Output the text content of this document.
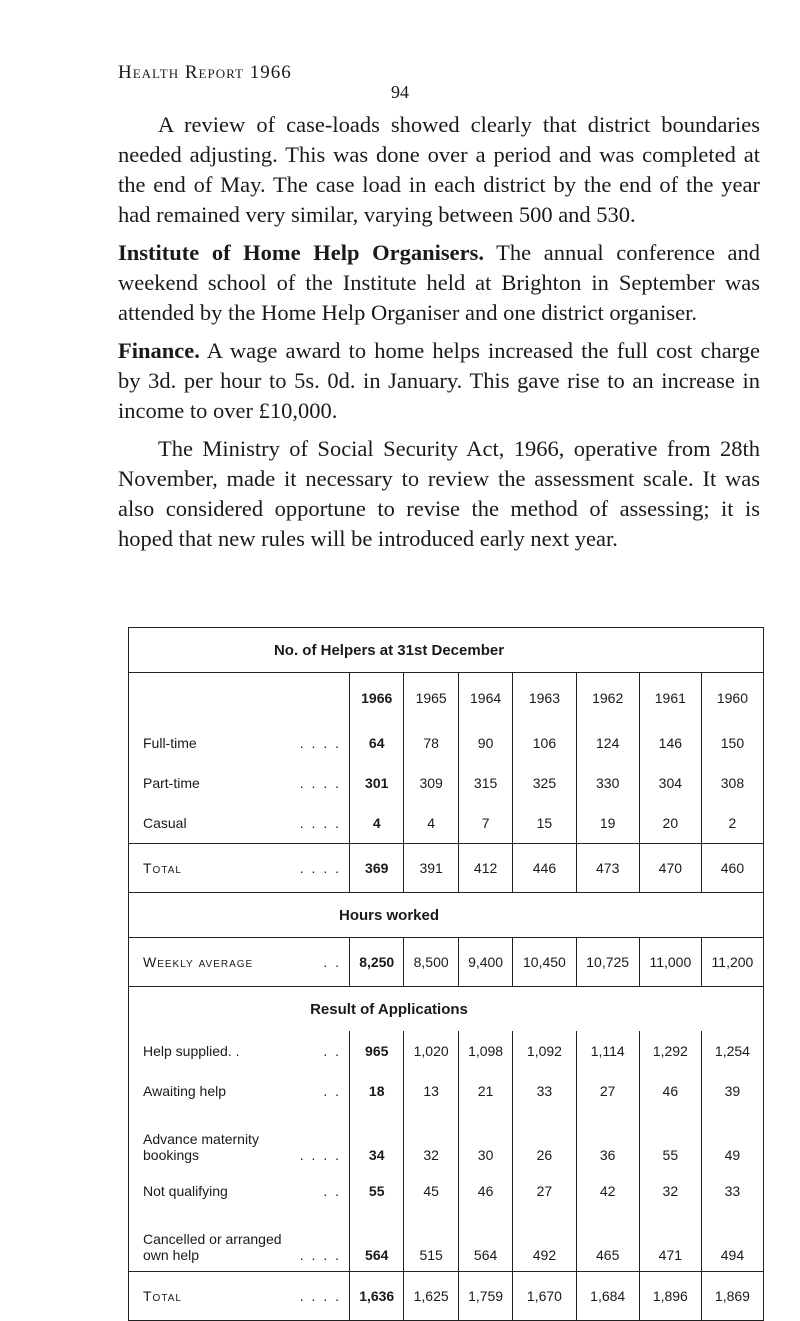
Health Report 1966
94

A review of case-loads showed clearly that district boundaries needed adjusting. This was done over a period and was completed at the end of May. The case load in each district by the end of the year had remained very similar, varying between 500 and 530.

Institute of Home Help Organisers. The annual conference and weekend school of the Institute held at Brighton in September was attended by the Home Help Organiser and one district organiser.

Finance. A wage award to home helps increased the full cost charge by 3d. per hour to 5s. 0d. in January. This gave rise to an increase in income to over £10,000.

The Ministry of Social Security Act, 1966, operative from 28th November, made it necessary to review the assessment scale. It was also considered opportune to revise the method of assessing; it is hoped that new rules will be introduced early next year.

No. of Helpers at 31st December							
	1966	1965	1964	1963	1962	1961	1960
Full-time . . . .	64	78	90	106	124	146	150
Part-time . . . .	301	309	315	325	330	304	308
Casual . . . .	4	4	7	15	19	20	2
Total . . . .	369	391	412	446	473	470	460
Hours worked							
Weekly average . .	8,250	8,500	9,400	10,450	10,725	11,000	11,200
Result of Applications							
Help supplied. . . .	965	1,020	1,098	1,092	1,114	1,292	1,254
Awaiting help . .	18	13	21	33	27	46	39
Advance maternity
bookings . . . .	34	32	30	26	36	55	49
Not qualifying . .	55	45	46	27	42	32	33
Cancelled or arranged
own help . . . .	564	515	564	492	465	471	494
Total . . . .	1,636	1,625	1,759	1,670	1,684	1,896	1,869
